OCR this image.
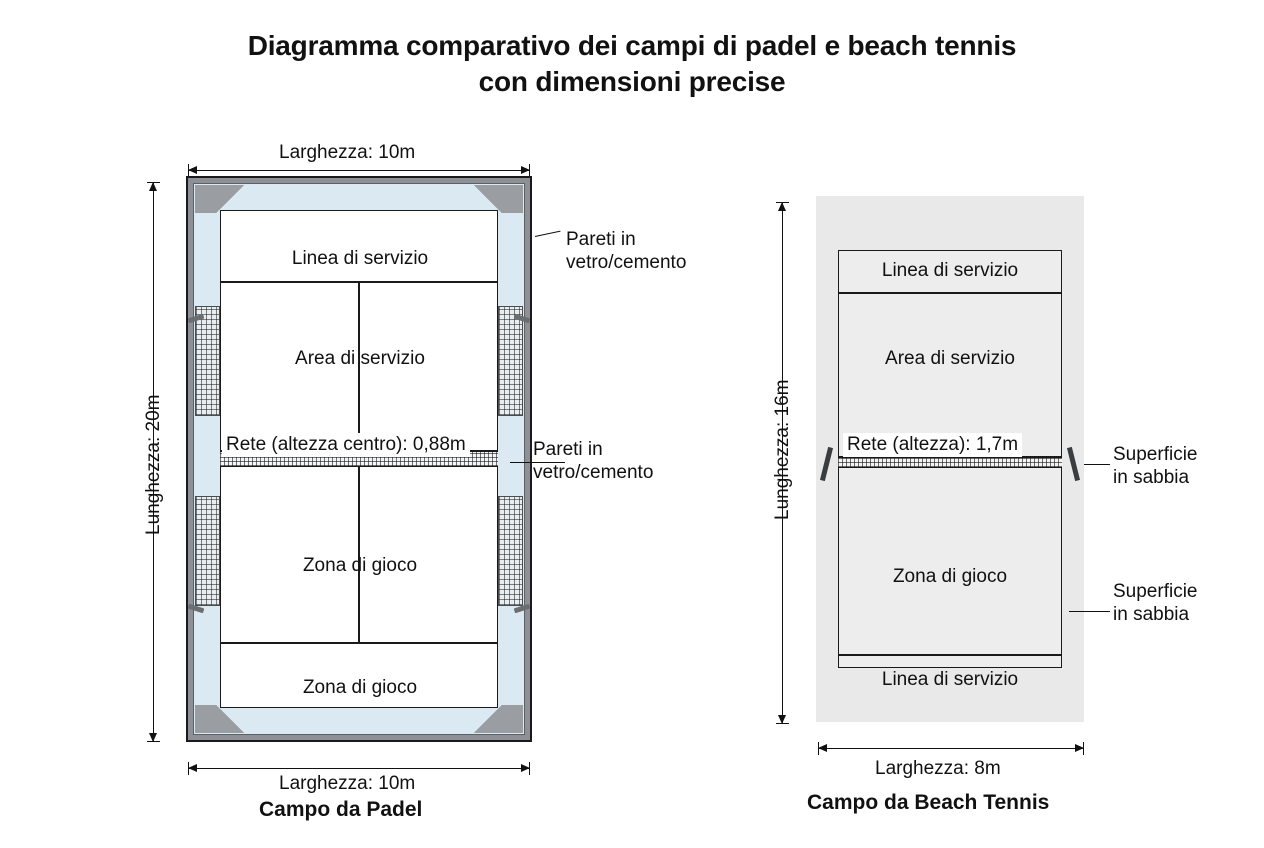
Diagramma comparativo dei campi di padel e beach tennis
con dimensioni precise
Larghezza: 10m
Lunghezza: 20m
Linea di servizio
Area di servizio
Rete (altezza centro): 0,88m
Zona di gioco
Zona di gioco
Pareti in
vetro/cemento
Pareti in
vetro/cemento
Larghezza: 10m
Campo da Padel
Lunghezza: 16m
Linea di servizio
Area di servizio
Rete (altezza): 1,7m
Zona di gioco
Linea di servizio
Superficie
in sabbia
Superficie
in sabbia
Larghezza: 8m
Campo da Beach Tennis
